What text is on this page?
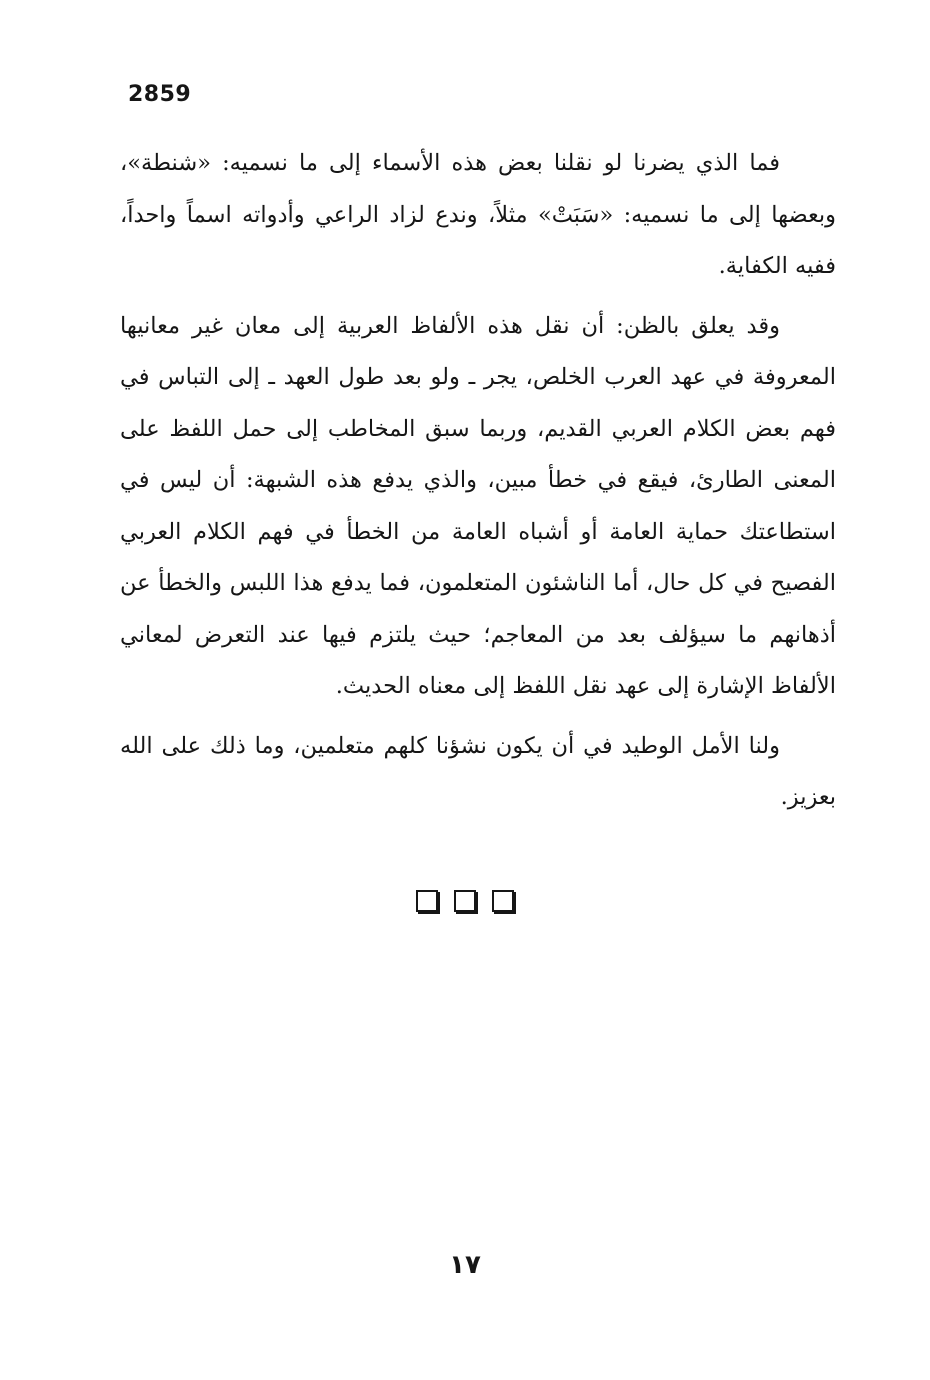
2859

فما الذي يضرنا لو نقلنا بعض هذه الأسماء إلى ما نسميه: «شنطة»، وبعضها إلى ما نسميه: «سَبَتْ» مثلاً، وندع لزاد الراعي وأدواته اسماً واحداً، ففيه الكفاية.

وقد يعلق بالظن: أن نقل هذه الألفاظ العربية إلى معان غير معانيها المعروفة في عهد العرب الخلص، يجر ـ ولو بعد طول العهد ـ إلى التباس في فهم بعض الكلام العربي القديم، وربما سبق المخاطب إلى حمل اللفظ على المعنى الطارئ، فيقع في خطأ مبين، والذي يدفع هذه الشبهة: أن ليس في استطاعتك حماية العامة أو أشباه العامة من الخطأ في فهم الكلام العربي الفصيح في كل حال، أما الناشئون المتعلمون، فما يدفع هذا اللبس والخطأ عن أذهانهم ما سيؤلف بعد من المعاجم؛ حيث يلتزم فيها عند التعرض لمعاني الألفاظ الإشارة إلى عهد نقل اللفظ إلى معناه الحديث.

ولنا الأمل الوطيد في أن يكون نشؤنا كلهم متعلمين، وما ذلك على الله بعزيز.

١٧
